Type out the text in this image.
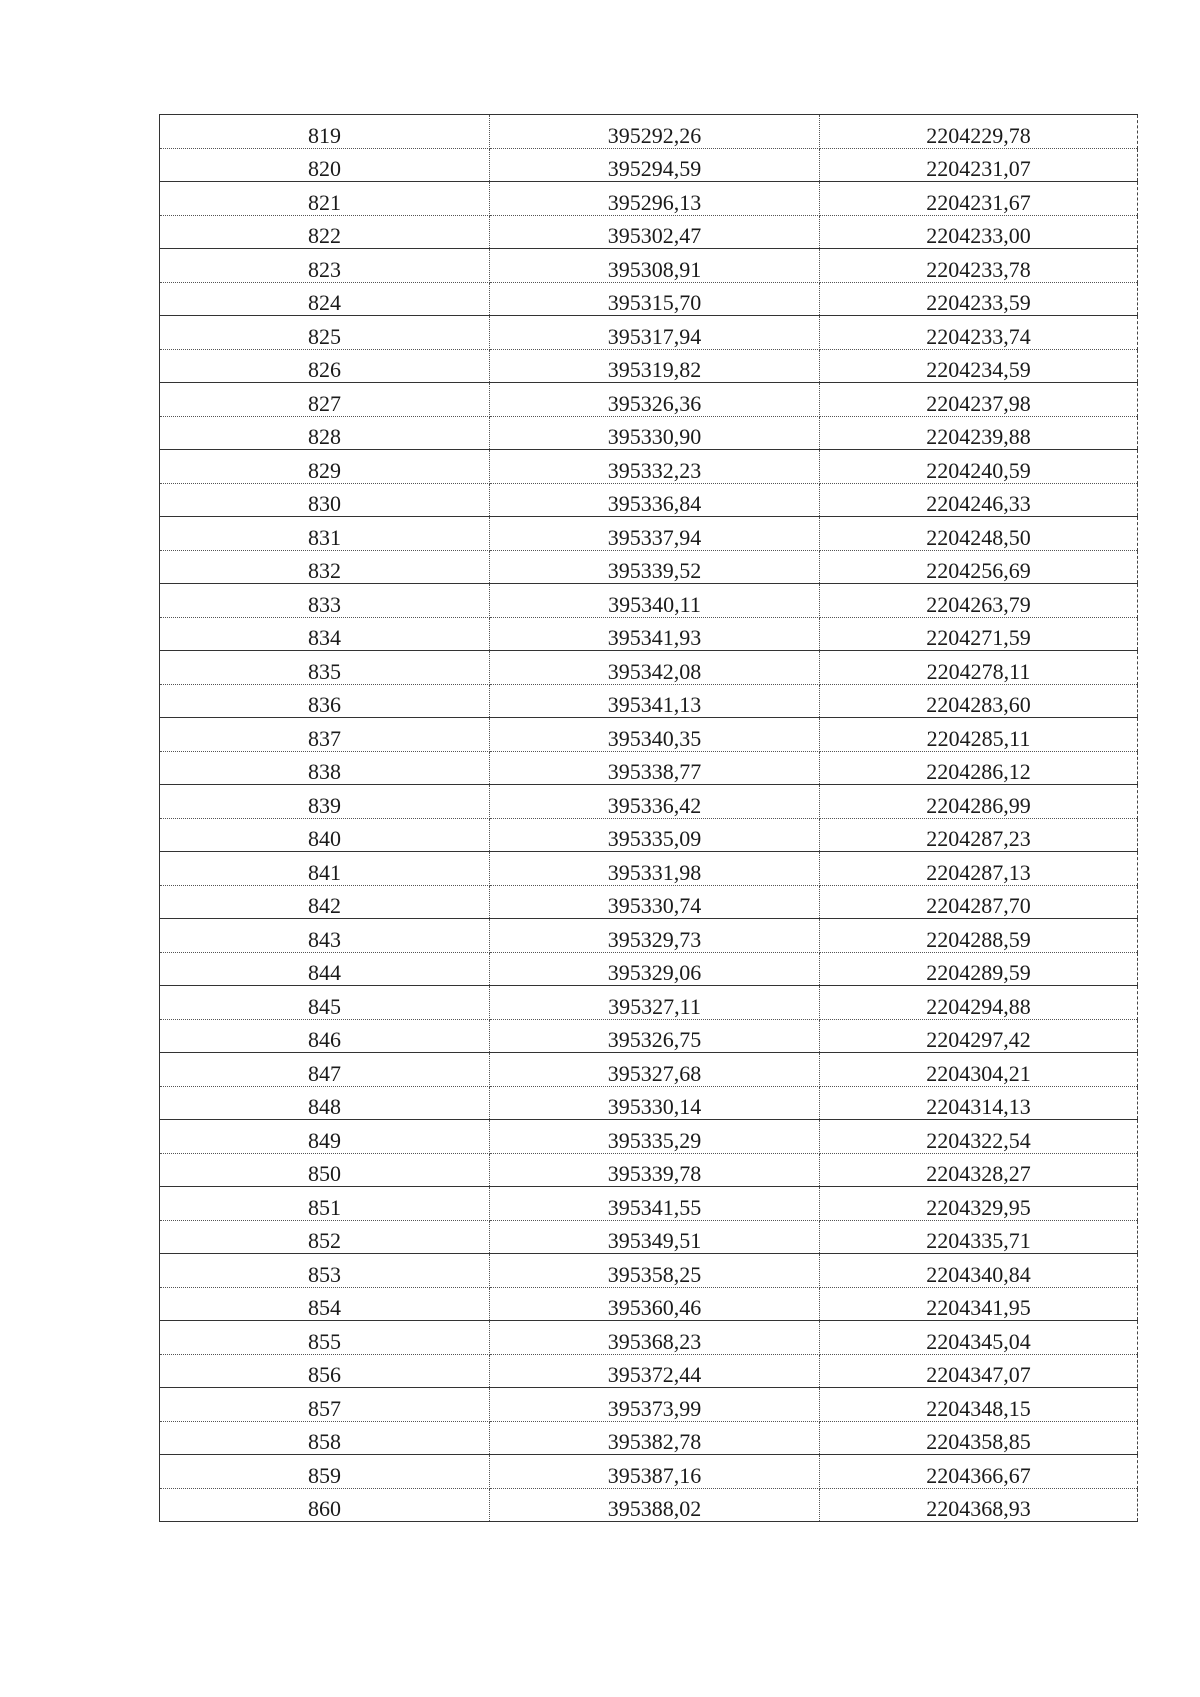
819	395292,26	2204229,78
820	395294,59	2204231,07
821	395296,13	2204231,67
822	395302,47	2204233,00
823	395308,91	2204233,78
824	395315,70	2204233,59
825	395317,94	2204233,74
826	395319,82	2204234,59
827	395326,36	2204237,98
828	395330,90	2204239,88
829	395332,23	2204240,59
830	395336,84	2204246,33
831	395337,94	2204248,50
832	395339,52	2204256,69
833	395340,11	2204263,79
834	395341,93	2204271,59
835	395342,08	2204278,11
836	395341,13	2204283,60
837	395340,35	2204285,11
838	395338,77	2204286,12
839	395336,42	2204286,99
840	395335,09	2204287,23
841	395331,98	2204287,13
842	395330,74	2204287,70
843	395329,73	2204288,59
844	395329,06	2204289,59
845	395327,11	2204294,88
846	395326,75	2204297,42
847	395327,68	2204304,21
848	395330,14	2204314,13
849	395335,29	2204322,54
850	395339,78	2204328,27
851	395341,55	2204329,95
852	395349,51	2204335,71
853	395358,25	2204340,84
854	395360,46	2204341,95
855	395368,23	2204345,04
856	395372,44	2204347,07
857	395373,99	2204348,15
858	395382,78	2204358,85
859	395387,16	2204366,67
860	395388,02	2204368,93
